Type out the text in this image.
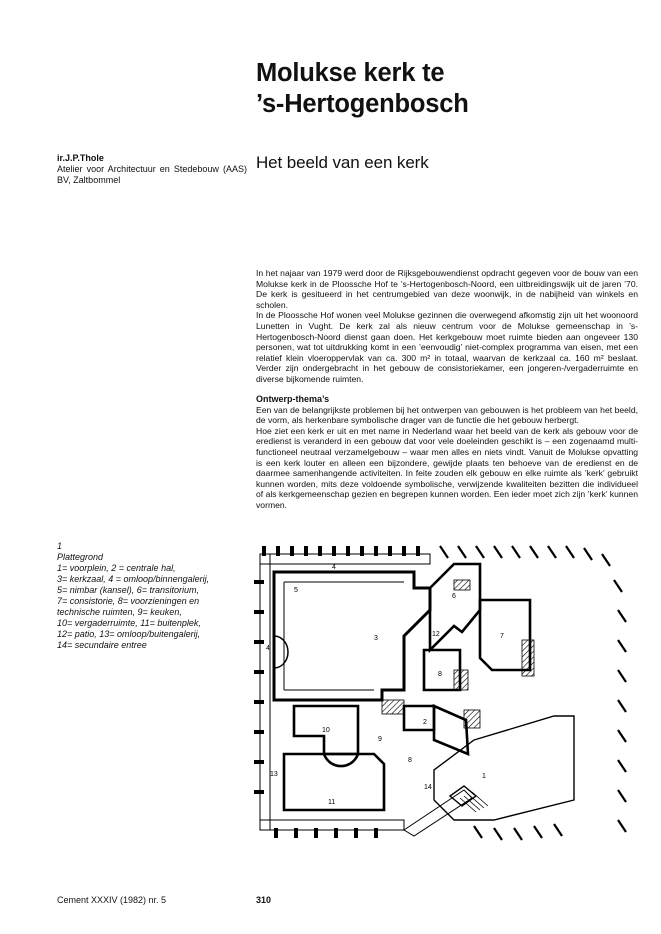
Molukse kerk te
’s-Hertogenbosch
ir.J.P.Thole
Atelier voor Architectuur en Stedebouw (AAS) BV, Zaltbommel
Het beeld van een kerk

In het najaar van 1979 werd door de Rijksgebouwendienst opdracht gegeven voor de bouw van een Molukse kerk in de Ploossche Hof te ’s-Hertogenbosch-Noord, een uitbreidingswijk uit de jaren ’70. De kerk is gesitueerd in het centrumgebied van deze woonwijk, in de nabijheid van winkels en scholen.

In de Ploossche Hof wonen veel Molukse gezinnen die overwegend afkomstig zijn uit het woonoord Lunetten in Vught. De kerk zal als nieuw centrum voor de Molukse gemeenschap in ’s-Hertogenbosch-Noord dienst gaan doen. Het kerkgebouw moet ruimte bieden aan ongeveer 130 personen, wat tot uitdrukking komt in een ’eenvoudig’ niet-complex programma van eisen, met een relatief klein vloeroppervlak van ca. 300 m² in totaal, waarvan de kerkzaal ca. 160 m² beslaat. Verder zijn ondergebracht in het gebouw de consistoriekamer, een jongeren-/vergaderruimte en diverse bijkomende ruimten.

Ontwerp-thema’s

Een van de belangrijkste problemen bij het ontwerpen van gebouwen is het probleem van het beeld, de vorm, als herkenbare symbolische drager van de functie die het gebouw herbergt.

Hoe ziet een kerk er uit en met name in Nederland waar het beeld van de kerk als gebouw voor de eredienst is veranderd in een gebouw dat voor vele doeleinden geschikt is – een zogenaamd multi-functioneel neutraal verzamelgebouw – waar men alles en niets vindt. Vanuit de Molukse opvatting is een kerk louter en alleen een bijzondere, gewijde plaats ten behoeve van de eredienst en de daarmee samenhangende activiteiten. In feite zouden elk gebouw en elke ruimte als ’kerk’ gebruikt kunnen worden, mits deze voldoende symbolische, verwijzende kwaliteiten bezitten die individueel of als kerkgemeenschap gezien en begrepen kunnen worden. Een ieder moet zich zijn ’kerk’ kunnen vormen.

1
Plattegrond
1= voorplein, 2 = centrale hal,
3= kerkzaal, 4 = omloop/binnengalerij,
5= nimbar (kansel), 6= transitorium,
7= consistorie, 8= voorzieningen en
technische ruimten, 9= keuken,
10= vergaderruimte, 11= buitenplek,
12= patio, 13= omloop/buitengalerij,
14= secundaire entree
4
4
5
3
6
7
12
8
2
9
8
10
11
13
14
1
Cement XXXIV (1982) nr. 5	310
